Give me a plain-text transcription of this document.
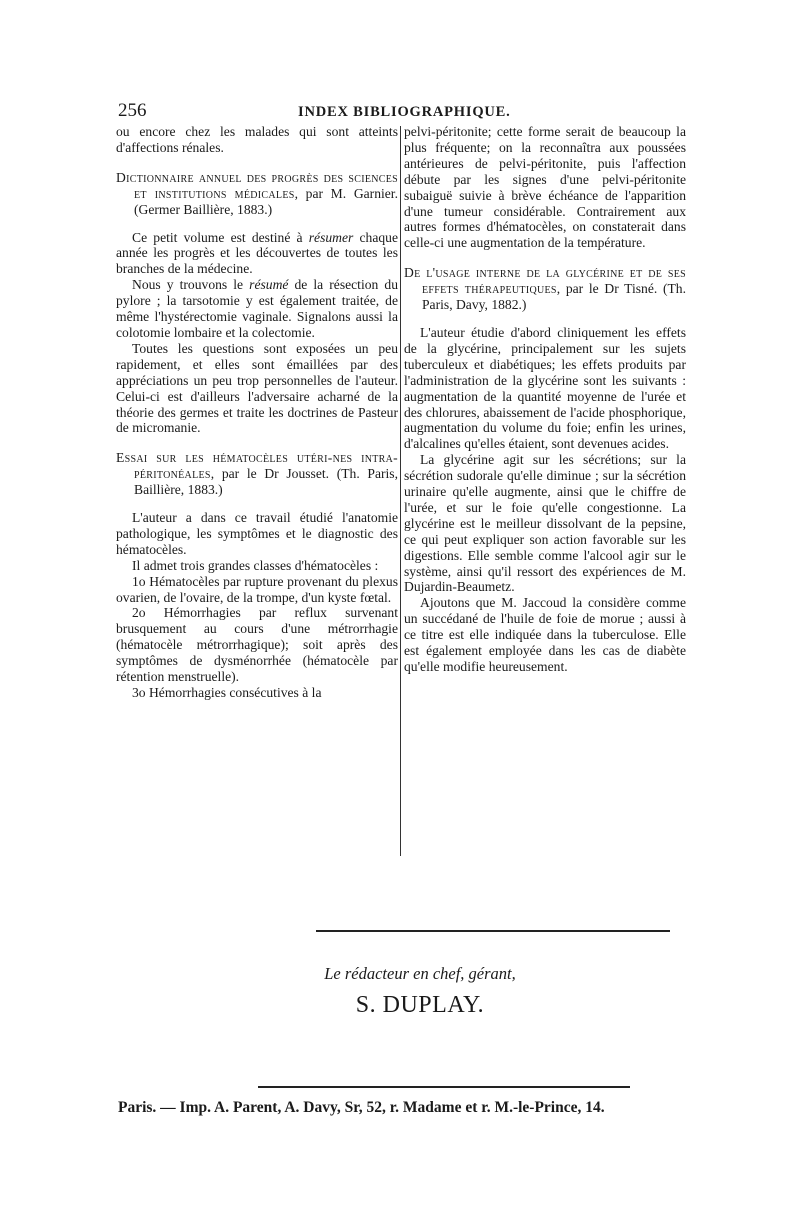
256	INDEX BIBLIOGRAPHIQUE.

ou encore chez les malades qui sont atteints d'affections rénales.

Dictionnaire annuel des progrès des sciences et institutions médicales, par M. Garnier. (Germer Baillière, 1883.)

Ce petit volume est destiné à résumer chaque année les progrès et les découvertes de toutes les branches de la médecine.

Nous y trouvons le résumé de la résection du pylore ; la tarsotomie y est également traitée, de même l'hystérectomie vaginale. Signalons aussi la colotomie lombaire et la colectomie.

Toutes les questions sont exposées un peu rapidement, et elles sont émaillées par des appréciations un peu trop personnelles de l'auteur. Celui-ci est d'ailleurs l'adversaire acharné de la théorie des germes et traite les doctrines de Pasteur de micromanie.

Essai sur les hématocèles utéri-nes intra-péritonéales, par le Dr Jousset. (Th. Paris, Baillière, 1883.)

L'auteur a dans ce travail étudié l'anatomie pathologique, les symptômes et le diagnostic des hématocèles.

Il admet trois grandes classes d'hématocèles :

1o Hématocèles par rupture provenant du plexus ovarien, de l'ovaire, de la trompe, d'un kyste fœtal.

2o Hémorrhagies par reflux survenant brusquement au cours d'une métrorrhagie (hématocèle métrorrhagique); soit après des symptômes de dysménorrhée (hématocèle par rétention menstruelle).

3o Hémorrhagies consécutives à la

pelvi-péritonite; cette forme serait de beaucoup la plus fréquente; on la reconnaîtra aux poussées antérieures de pelvi-péritonite, puis l'affection débute par les signes d'une pelvi-péritonite subaiguë suivie à brève échéance de l'apparition d'une tumeur considérable. Contrairement aux autres formes d'hématocèles, on constaterait dans celle-ci une augmentation de la température.

De l'usage interne de la glycérine et de ses effets thérapeutiques, par le Dr Tisné. (Th. Paris, Davy, 1882.)

L'auteur étudie d'abord cliniquement les effets de la glycérine, principalement sur les sujets tuberculeux et diabétiques; les effets produits par l'administration de la glycérine sont les suivants : augmentation de la quantité moyenne de l'urée et des chlorures, abaissement de l'acide phosphorique, augmentation du volume du foie; enfin les urines, d'alcalines qu'elles étaient, sont devenues acides.

La glycérine agit sur les sécrétions; sur la sécrétion sudorale qu'elle diminue ; sur la sécrétion urinaire qu'elle augmente, ainsi que le chiffre de l'urée, et sur le foie qu'elle congestionne. La glycérine est le meilleur dissolvant de la pepsine, ce qui peut expliquer son action favorable sur les digestions. Elle semble comme l'alcool agir sur le système, ainsi qu'il ressort des expériences de M. Dujardin-Beaumetz.

Ajoutons que M. Jaccoud la considère comme un succédané de l'huile de foie de morue ; aussi à ce titre est elle indiquée dans la tuberculose. Elle est également employée dans les cas de diabète qu'elle modifie heureusement.

Le rédacteur en chef, gérant,
S. DUPLAY.
Paris. — Imp. A. Parent, A. Davy, Sr, 52, r. Madame et r. M.-le-Prince, 14.
